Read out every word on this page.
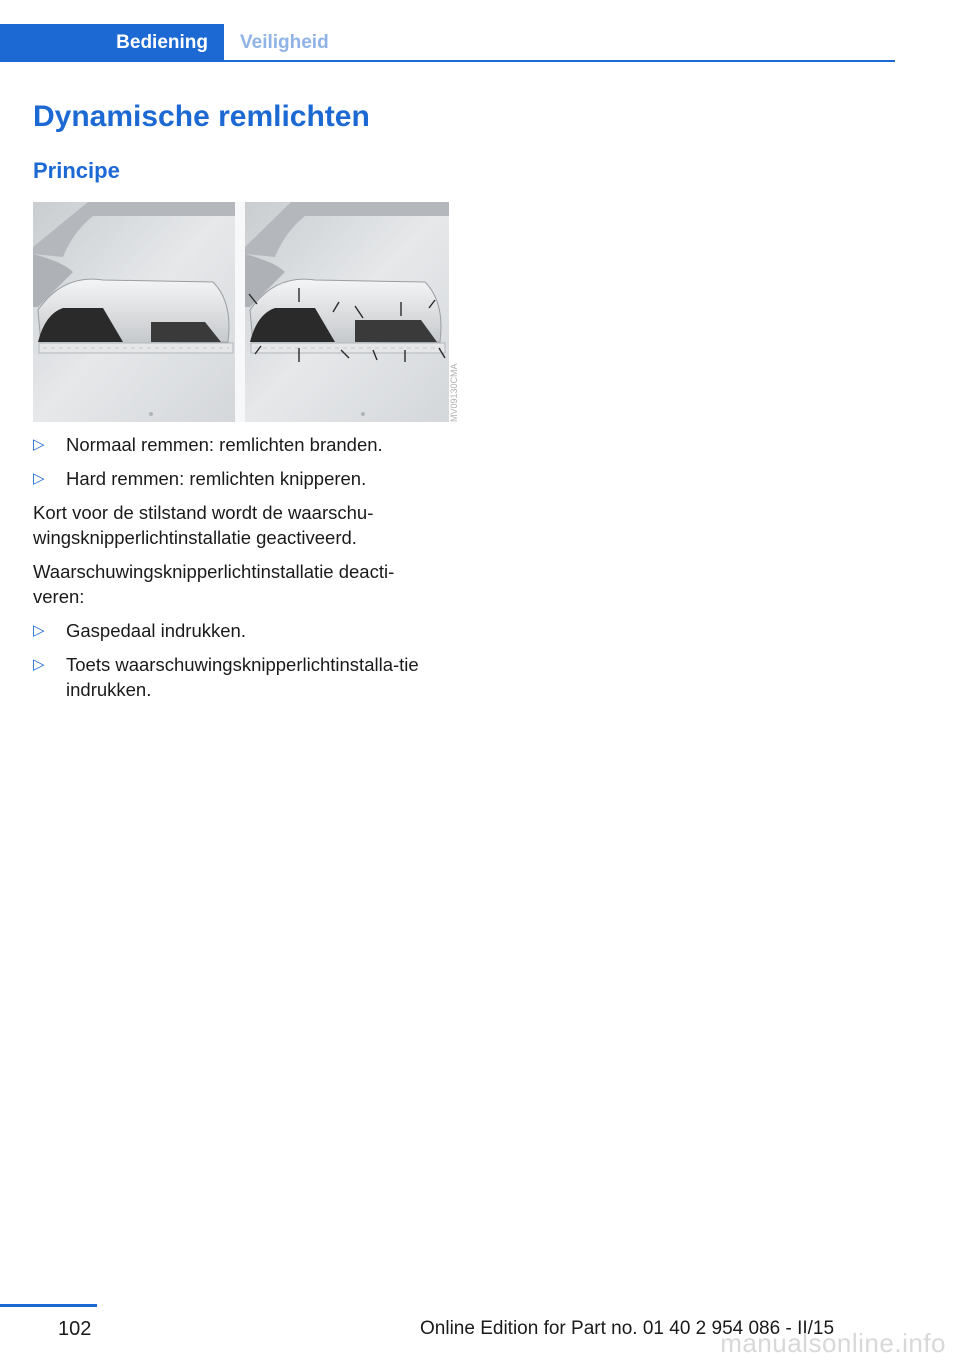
Bediening Veiligheid
Dynamische remlichten
Principe
MV09130CMA
▷ Normaal remmen: remlichten branden.
▷ Hard remmen: remlichten knipperen.

Kort voor de stilstand wordt de waarschu‐wingsknipperlichtinstallatie geactiveerd.

Waarschuwingsknipperlichtinstallatie deacti‐veren:

▷ Gaspedaal indrukken.
▷ Toets waarschuwingsknipperlichtinstalla‐tie indrukken.
102	Online Edition for Part no. 01 40 2 954 086 - II/15
manualsonline.info
